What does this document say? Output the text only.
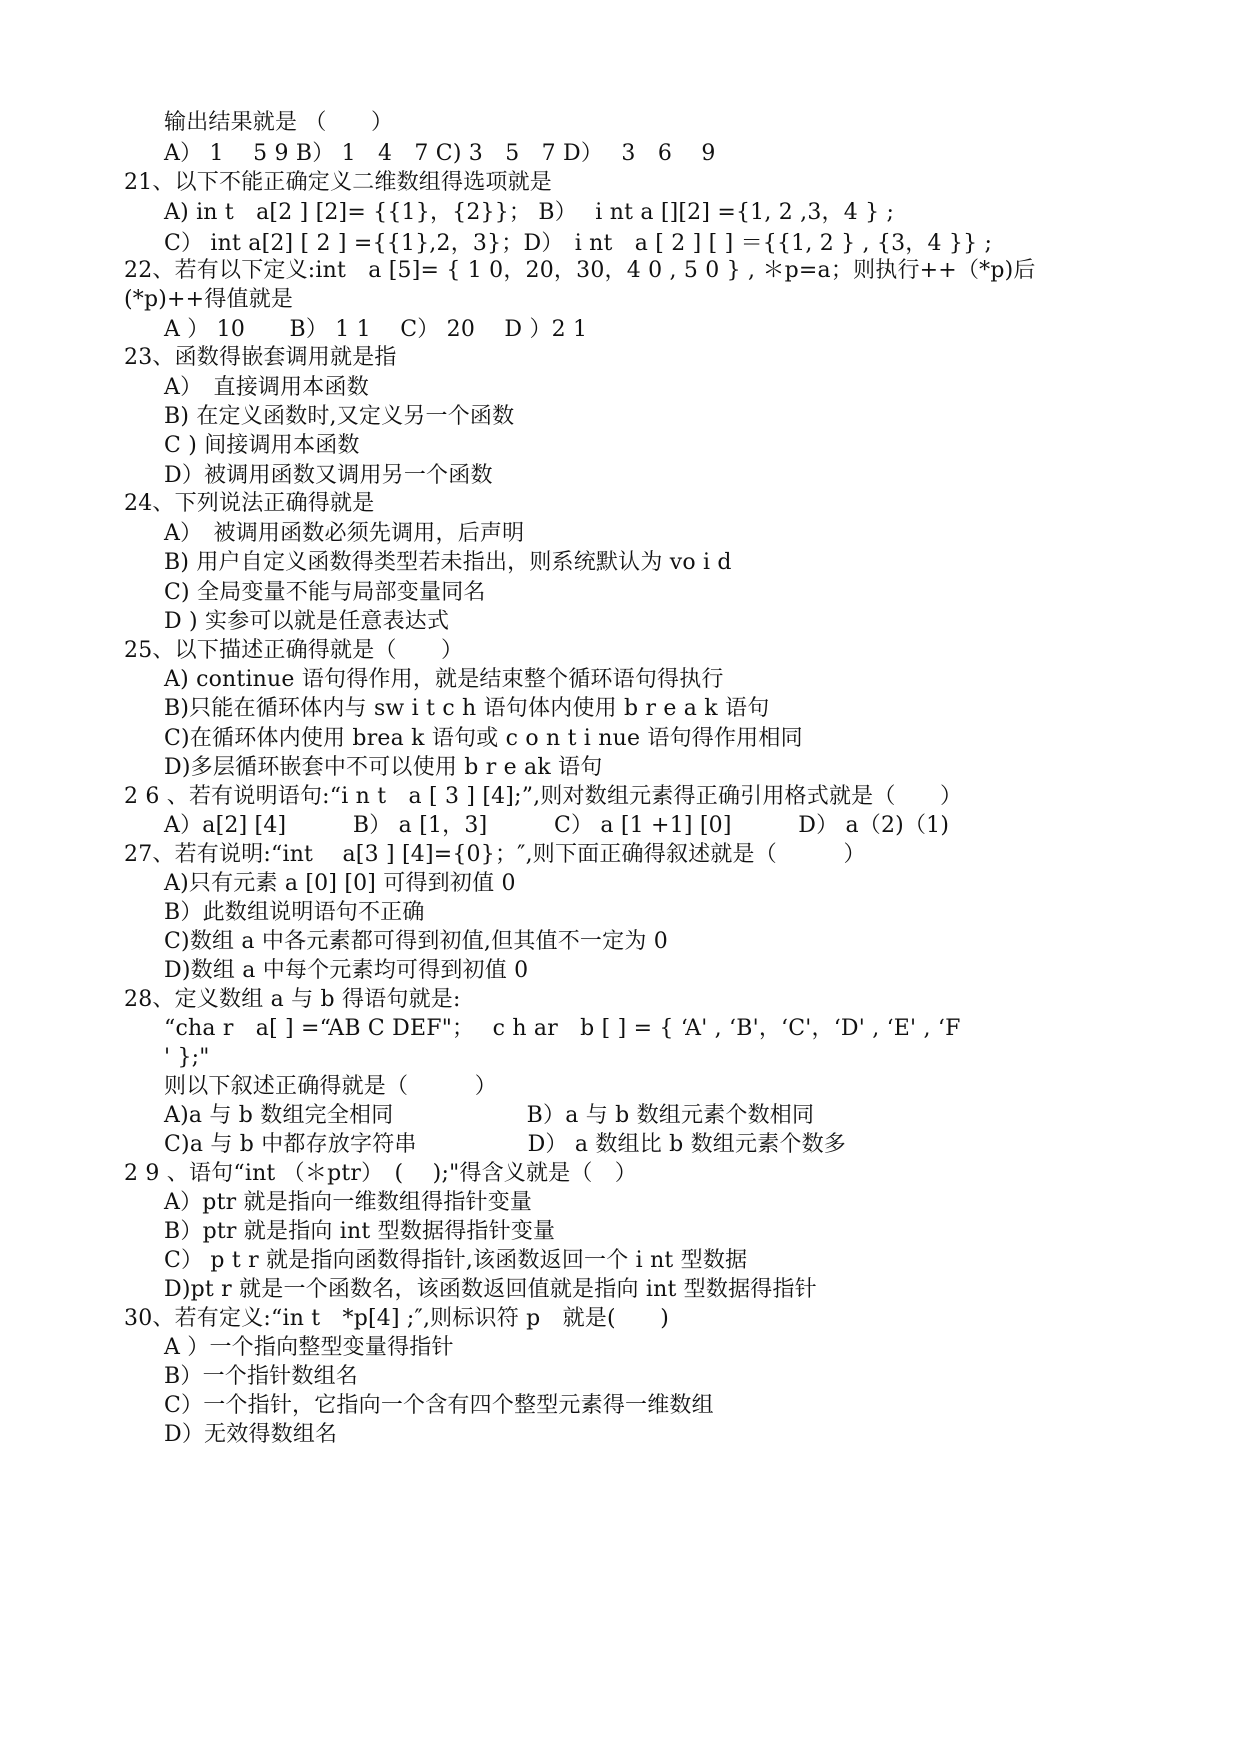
输出结果就是 （　　）
A） 1　 5 9 B） 1　4　7 C) 3　5　7 D）　 3　6　 9
21、以下不能正确定义二维数组得选项就是
A) in t　a[2 ] [2]= {{1}，{2}}； B）　 i nt a [][2] ={1, 2 ,3，4 } ;
C） int a[2] [ 2 ] ={{1},2，3}；D）　i nt　a [ 2 ] [ ] ＝{{1, 2 } , {3，4 }} ;
22、若有以下定义:int　a [5]= { 1 0，20，30，4 0 , 5 0 } , ＊p=a；则执行++（*p)后
(*p)++得值就是
A ） 10　　B） 1 1　 C） 20　 D ）2 1
23、函数得嵌套调用就是指
A）　直接调用本函数
B) 在定义函数时,又定义另一个函数
C ) 间接调用本函数
D）被调用函数又调用另一个函数
24、下列说法正确得就是
A）　被调用函数必须先调用，后声明
B) 用户自定义函数得类型若未指出，则系统默认为 vo i d
C) 全局变量不能与局部变量同名
D ) 实参可以就是任意表达式
25、以下描述正确得就是（　　）
A) continue 语句得作用，就是结束整个循环语句得执行
B)只能在循环体内与 sw i t c h 语句体内使用 b r e a k 语句
C)在循环体内使用 brea k 语句或 c o n t i nue 语句得作用相同
D)多层循环嵌套中不可以使用 b r e ak 语句
2 6 、若有说明语句:“i n t　a [ 3 ] [4];”,则对数组元素得正确引用格式就是（　　）
A）a[2] [4]　　　B） a [1，3]　　　C） a [1 +1] [0]　　　D） a（2)（1)
27、若有说明:“int　 a[3 ] [4]={0}；″,则下面正确得叙述就是（　　　）
A)只有元素 a [0] [0] 可得到初值 0
B）此数组说明语句不正确
C)数组 a 中各元素都可得到初值,但其值不一定为 0
D)数组 a 中每个元素均可得到初值 0
28、定义数组 a 与 b 得语句就是:
“cha r　a[ ] =“AB C DEF"；　 c h ar　b [ ] = { ‘A' , ‘B'，‘C'，‘D' , ‘E' , ‘F
' };"
则以下叙述正确得就是（　　　）
A)a 与 b 数组完全相同　　　　　　B）a 与 b 数组元素个数相同
C)a 与 b 中都存放字符串　　　　　D） a 数组比 b 数组元素个数多
2 9 、语句“int （＊ptr）　(　 );"得含义就是（　）
A）ptr 就是指向一维数组得指针变量
B）ptr 就是指向 int 型数据得指针变量
C） p t r 就是指向函数得指针,该函数返回一个 i nt 型数据
D)pt r 就是一个函数名，该函数返回值就是指向 int 型数据得指针
30、若有定义:“in t　*p[4] ;″,则标识符 p　就是(　　)
A ）一个指向整型变量得指针
B）一个指针数组名
C）一个指针，它指向一个含有四个整型元素得一维数组
D）无效得数组名
